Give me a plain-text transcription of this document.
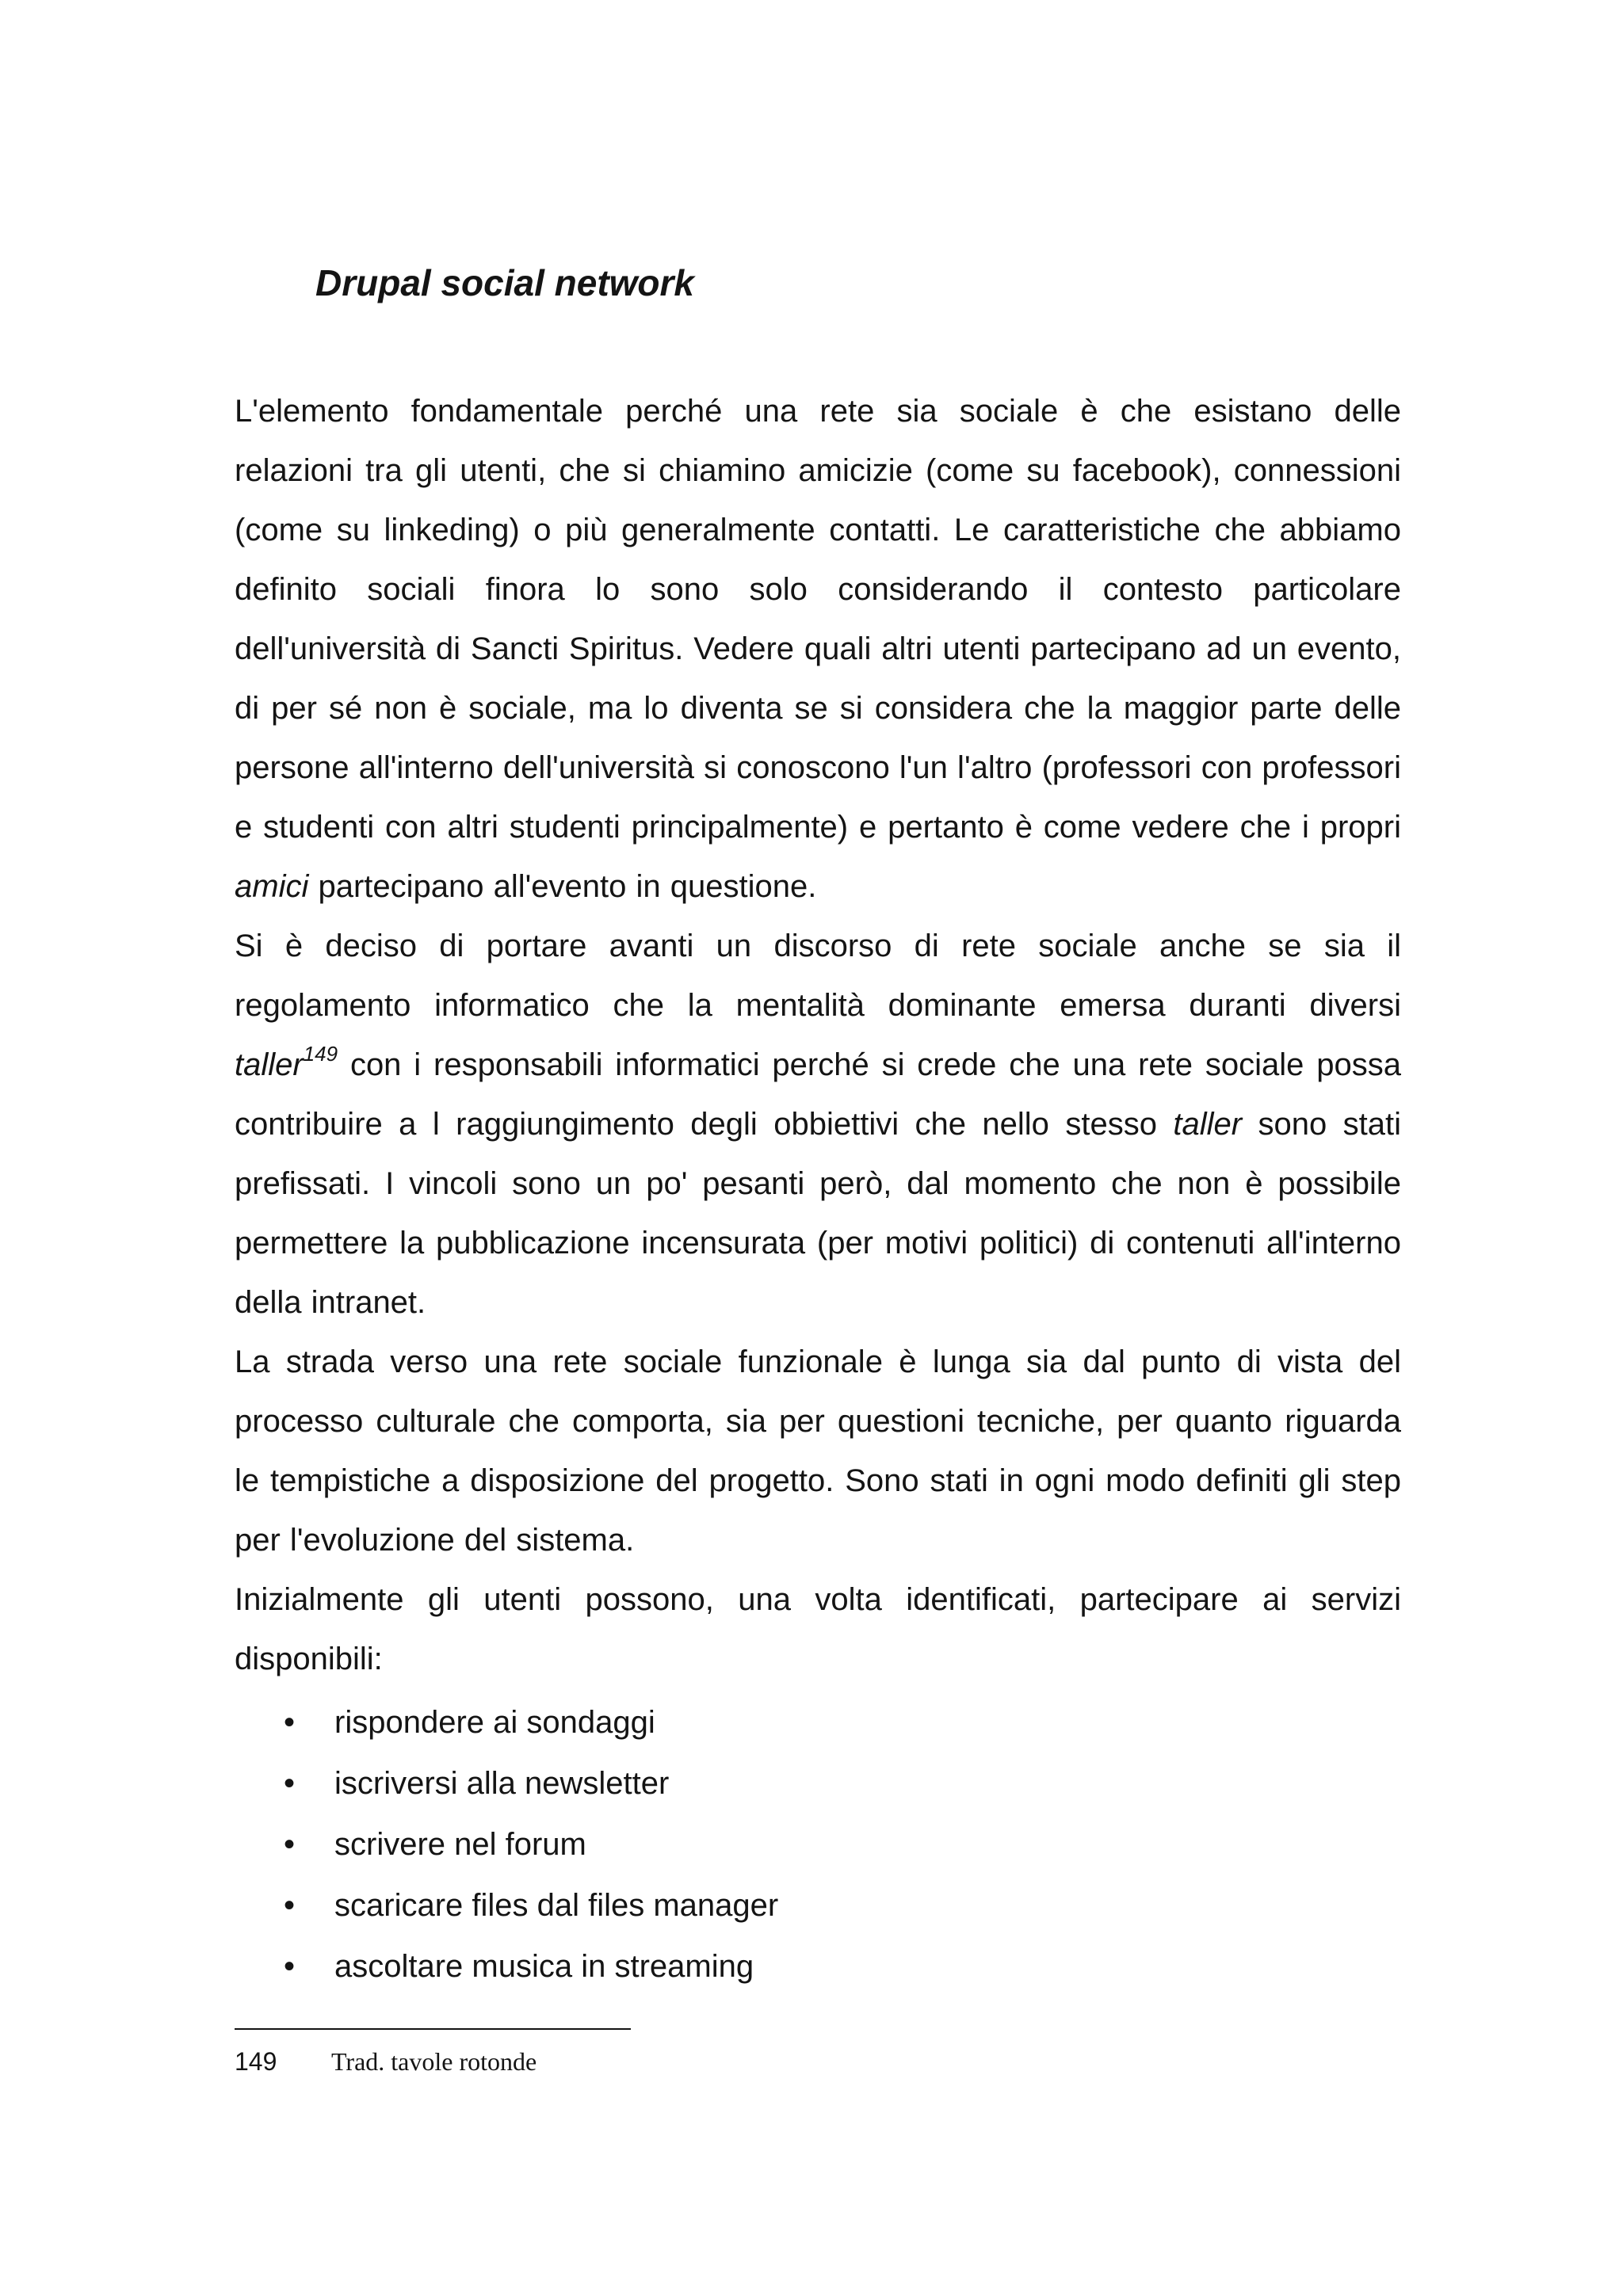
Drupal social network

L'elemento fondamentale perché una rete sia sociale è che esistano delle relazioni tra gli utenti, che si chiamino amicizie (come su facebook), connessioni (come su linkeding) o più generalmente contatti. Le caratteristiche che abbiamo definito sociali finora lo sono solo considerando il contesto particolare dell'università di Sancti Spiritus. Vedere quali altri utenti partecipano ad un evento, di per sé non è sociale, ma lo diventa se si considera che la maggior parte delle persone all'interno dell'università si conoscono l'un l'altro (professori con professori e studenti con altri studenti principalmente) e pertanto è come vedere che i propri amici partecipano all'evento in questione.

Si è deciso di portare avanti un discorso di rete sociale anche se sia il regolamento informatico che la mentalità dominante emersa duranti diversi taller$^{149}$ con i responsabili informatici perché si crede che una rete sociale possa contribuire a l raggiungimento degli obbiettivi che nello stesso taller sono stati prefissati. I vincoli sono un po' pesanti però, dal momento che non è possibile permettere la pubblicazione incensurata (per motivi politici) di contenuti all'interno della intranet.

La strada verso una rete sociale funzionale è lunga sia dal punto di vista del processo culturale che comporta, sia per questioni tecniche, per quanto riguarda le tempistiche a disposizione del progetto. Sono stati in ogni modo definiti gli step per l'evoluzione del sistema.

Inizialmente gli utenti possono, una volta identificati, partecipare ai servizi disponibili:

• rispondere ai sondaggi
• iscriversi alla newsletter
• scrivere nel forum
• scaricare files dal files manager
• ascoltare musica in streaming
149	Trad. tavole rotonde
